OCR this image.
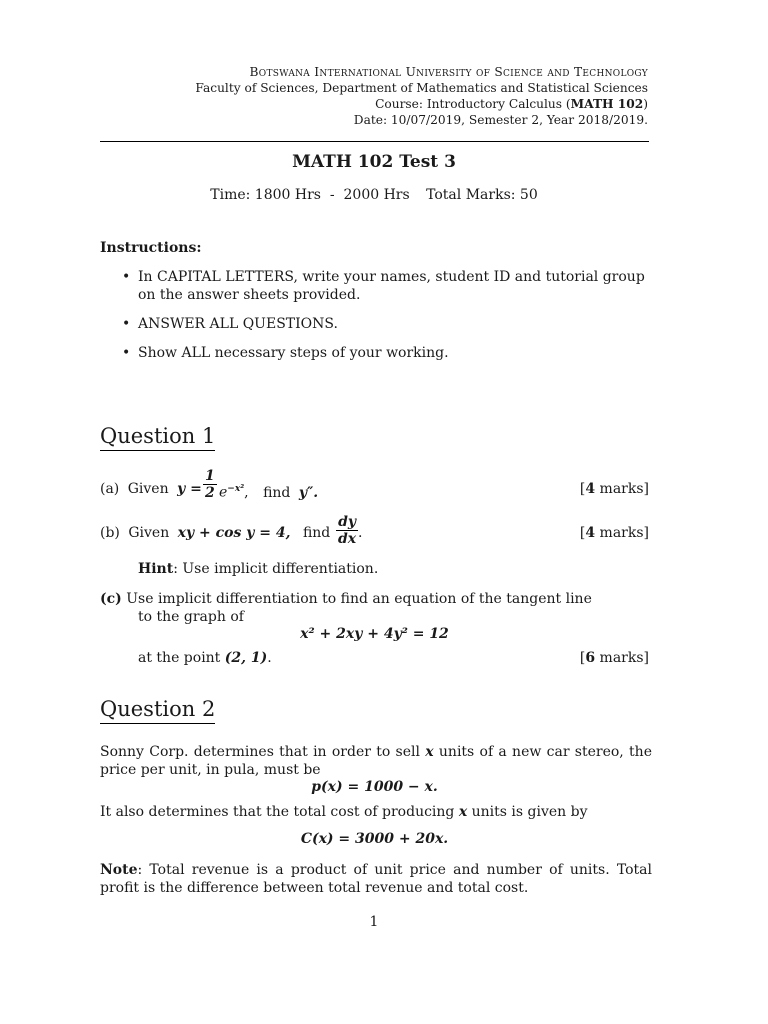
Botswana International University of Science and Technology
Faculty of Sciences, Department of Mathematics and Statistical Sciences
Course: Introductory Calculus (MATH 102)
Date: 10/07/2019, Semester 2, Year 2018/2019.
MATH 102 Test 3
Time: 1800 Hrs  -  2000 Hrs Total Marks: 50
Instructions:
• In CAPITAL LETTERS, write your names, student ID and tutorial group on the answer sheets provided.
• ANSWER ALL QUESTIONS.
• Show ALL necessary steps of your working.
Question 1
(a) Given $y = \frac{1}{2} e^{-x^2}$, find y″.	[4 marks]
(b) Given xy + cos y = 4, find $\frac{dy}{dx}$ .	[4 marks]
Hint: Use implicit differentiation.
(c) Use implicit differentiation to find an equation of the tangent line
to the graph of
x² + 2xy + 4y² = 12
at the point (2, 1).	[6 marks]
Question 2
Sonny Corp. determines that in order to sell x units of a new car stereo, the price per unit, in pula, must be
p(x) = 1000 − x.
It also determines that the total cost of producing x units is given by
C(x) = 3000 + 20x.
Note: Total revenue is a product of unit price and number of units. Total profit is the difference between total revenue and total cost.
1
